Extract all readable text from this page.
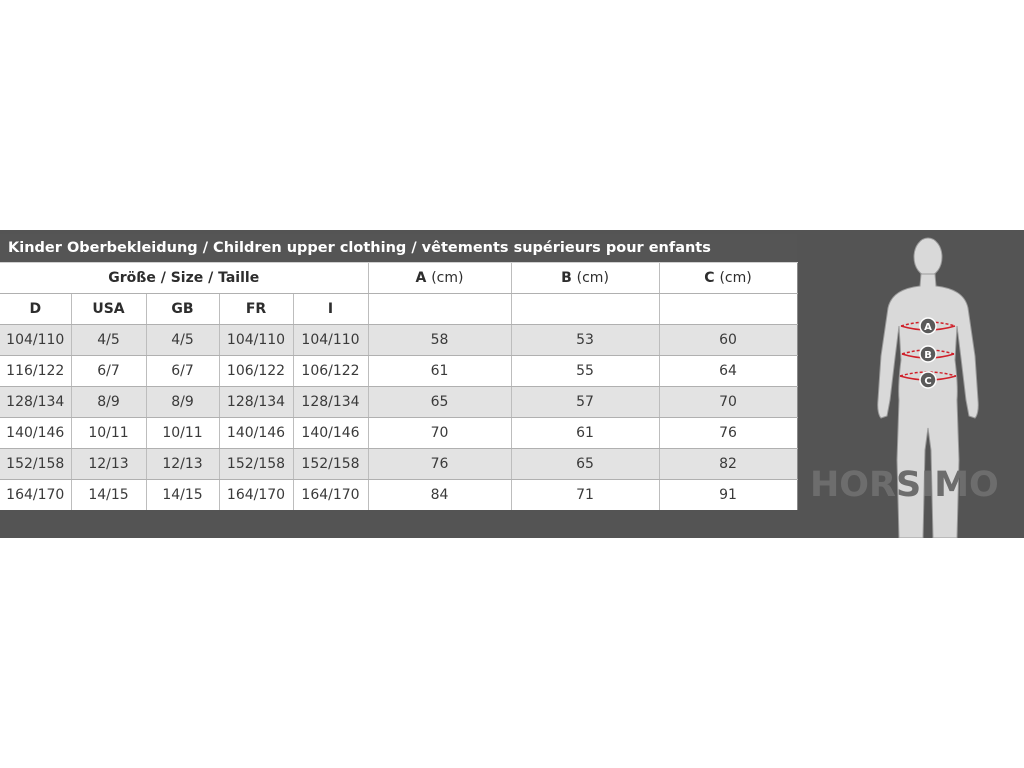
Kinder Oberbekleidung / Children upper clothing / vêtements supérieurs pour enfants							
Größe / Size / Taille					A (cm)	B (cm)	C (cm)
D	USA	GB	FR	I			
104/110	4/5	4/5	104/110	104/110	58	53	60
116/122	6/7	6/7	106/122	106/122	61	55	64
128/134	8/9	8/9	128/134	128/134	65	57	70
140/146	10/11	10/11	140/146	140/146	70	61	76
152/158	12/13	12/13	152/158	152/158	76	65	82
164/170	14/15	14/15	164/170	164/170	84	71	91
A
B
C
HORSIMO
